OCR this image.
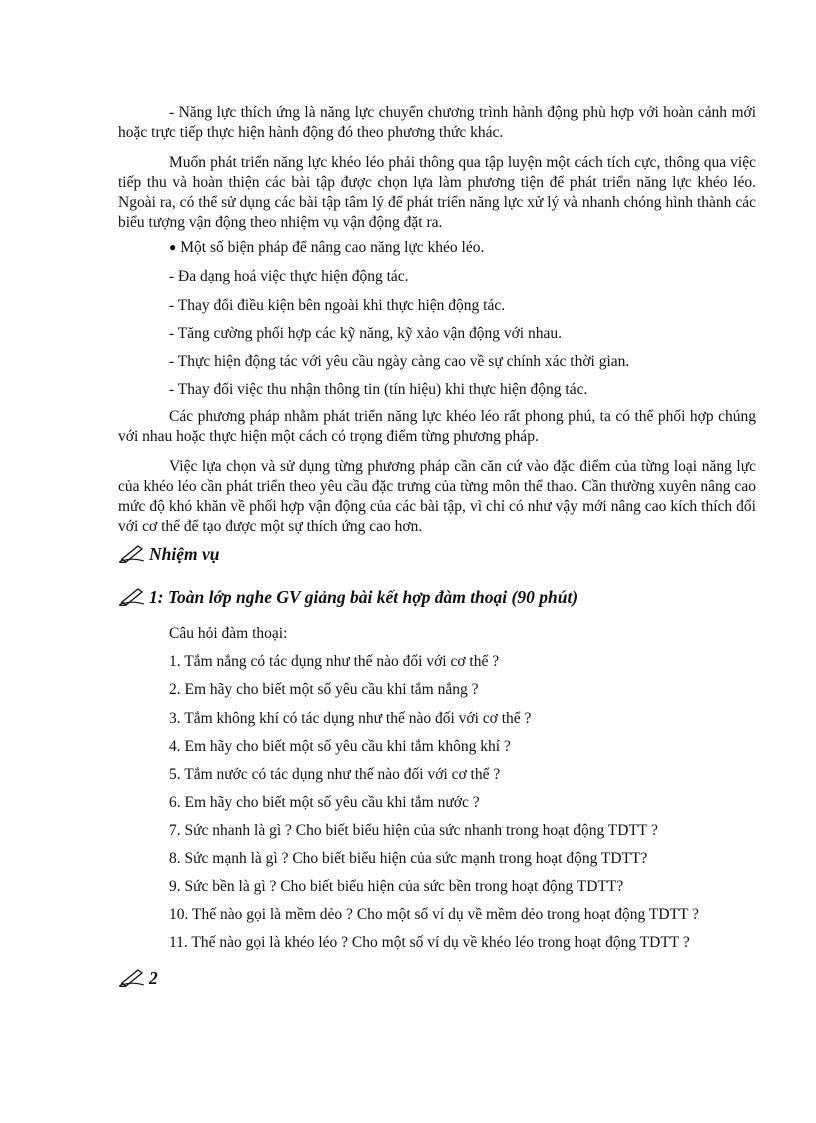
- Năng lực thích ứng là năng lực chuyển chương trình hành động phù hợp với hoàn cảnh mới hoặc trực tiếp thực hiện hành động đó theo phương thức khác.

Muốn phát triển năng lực khéo léo phải thông qua tập luyện một cách tích cực, thông qua việc tiếp thu và hoàn thiện các bài tập được chọn lựa làm phương tiện để phát triển năng lực khéo léo. Ngoài ra, có thể sử dụng các bài tập tâm lý để phát triển năng lực xử lý và nhanh chóng hình thành các biểu tượng vận động theo nhiệm vụ vận động đặt ra.

● Một số biện pháp để nâng cao năng lực khéo léo.

- Đa dạng hoá việc thực hiện động tác.

- Thay đổi điều kiện bên ngoài khi thực hiện động tác.

- Tăng cường phối hợp các kỹ năng, kỹ xảo vận động với nhau.

- Thực hiện động tác với yêu cầu ngày càng cao về sự chính xác thời gian.

- Thay đổi việc thu nhận thông tin (tín hiệu) khi thực hiện động tác.

Các phương pháp nhằm phát triển năng lực khéo léo rất phong phú, ta có thể phối hợp chúng với nhau hoặc thực hiện một cách có trọng điểm từng phương pháp.

Việc lựa chọn và sử dụng từng phương pháp cần căn cứ vào đặc điểm của từng loại năng lực của khéo léo cần phát triển theo yêu cầu đặc trưng của từng môn thể thao. Cần thường xuyên nâng cao mức độ khó khăn về phối hợp vận động của các bài tập, vì chỉ có như vậy mới nâng cao kích thích đối với cơ thể để tạo được một sự thích ứng cao hơn.

Nhiệm vụ

1: Toàn lớp nghe GV giảng bài kết hợp đàm thoại (90 phút)

Câu hỏi đàm thoại:

1. Tắm nắng có tác dụng như thế nào đối với cơ thể ?

2. Em hãy cho biết một số yêu cầu khi tắm nắng ?

3. Tắm không khí có tác dụng như thế nào đối với cơ thể ?

4. Em hãy cho biết một số yêu cầu khi tắm không khí ?

5. Tắm nước có tác dụng như thế nào đối với cơ thể ?

6. Em hãy cho biết một số yêu cầu khi tắm nước ?

7. Sức nhanh là gì ? Cho biết biểu hiện của sức nhanh trong hoạt động TDTT ?

8. Sức mạnh là gì ? Cho biết biểu hiện của sức mạnh trong hoạt động TDTT?

9. Sức bền là gì ? Cho biết biểu hiện của sức bền trong hoạt động TDTT?

10. Thế nào gọi là mềm dẻo ? Cho một số ví dụ về mềm dẻo trong hoạt động TDTT ?

11. Thế nào gọi là khéo léo ? Cho một số ví dụ về khéo léo trong hoạt động TDTT ?

2
